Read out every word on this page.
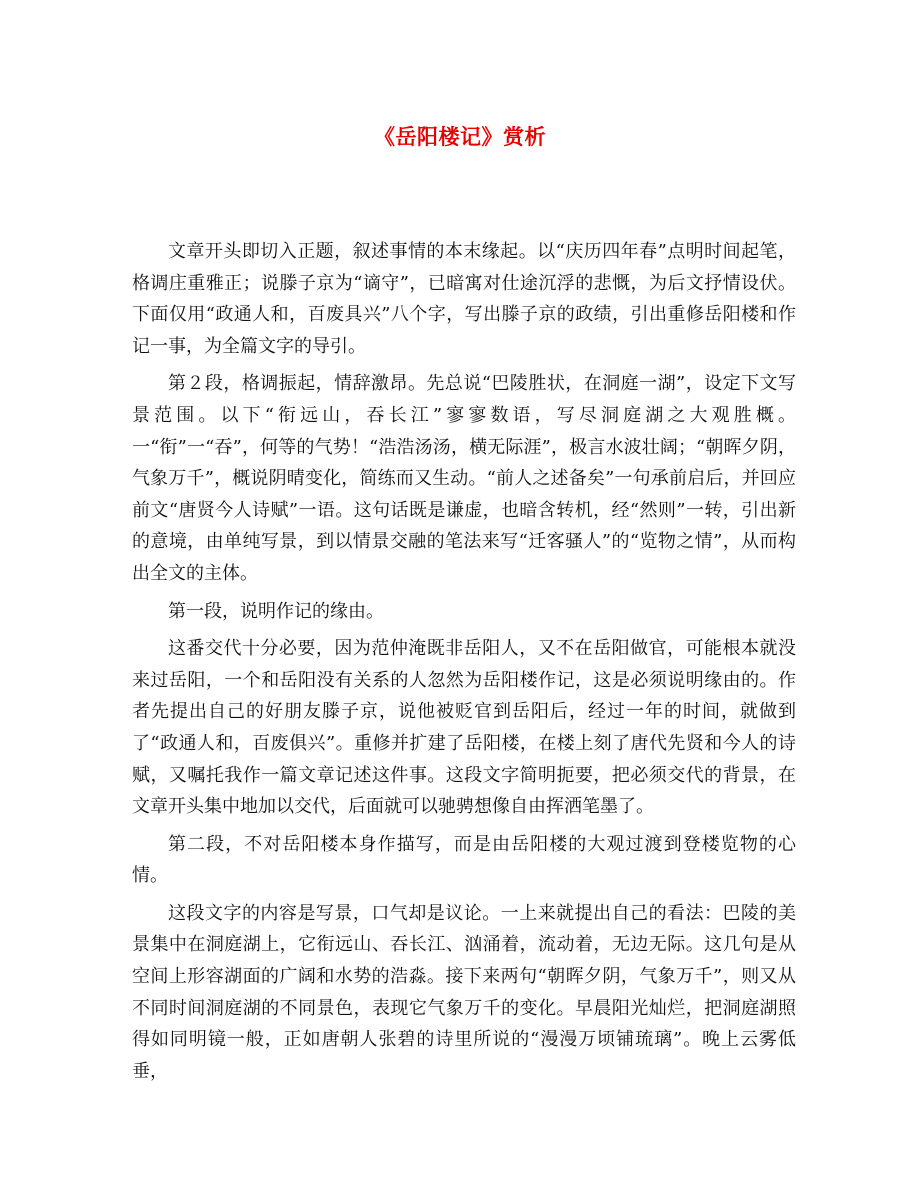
《岳阳楼记》赏析

文章开头即切入正题，叙述事情的本末缘起。以“庆历四年春”点明时间起笔，格调庄重雅正；说滕子京为“谪守”，已暗寓对仕途沉浮的悲慨，为后文抒情设伏。下面仅用“政通人和，百废具兴”八个字，写出滕子京的政绩，引出重修岳阳楼和作记一事，为全篇文字的导引。

第２段，格调振起，情辞激昂。先总说“巴陵胜状，在洞庭一湖”，设定下文写景范围。以下“衔远山，吞长江”寥寥数语，写尽洞庭湖之大观胜概。一“衔”一“吞”，何等的气势！“浩浩汤汤，横无际涯”，极言水波壮阔；“朝晖夕阴，气象万千”，概说阴晴变化，简练而又生动。“前人之述备矣”一句承前启后，并回应前文“唐贤今人诗赋”一语。这句话既是谦虚，也暗含转机，经“然则”一转，引出新的意境，由单纯写景，到以情景交融的笔法来写“迁客骚人”的“览物之情”，从而构出全文的主体。

第一段，说明作记的缘由。

这番交代十分必要，因为范仲淹既非岳阳人，又不在岳阳做官，可能根本就没来过岳阳，一个和岳阳没有关系的人忽然为岳阳楼作记，这是必须说明缘由的。作者先提出自己的好朋友滕子京，说他被贬官到岳阳后，经过一年的时间，就做到了“政通人和，百废俱兴”。重修并扩建了岳阳楼，在楼上刻了唐代先贤和今人的诗赋，又嘱托我作一篇文章记述这件事。这段文字简明扼要，把必须交代的背景，在文章开头集中地加以交代，后面就可以驰骋想像自由挥洒笔墨了。

第二段，不对岳阳楼本身作描写，而是由岳阳楼的大观过渡到登楼览物的心情。

这段文字的内容是写景，口气却是议论。一上来就提出自己的看法：巴陵的美景集中在洞庭湖上，它衔远山、吞长江、汹涌着，流动着，无边无际。这几句是从空间上形容湖面的广阔和水势的浩淼。接下来两句“朝晖夕阴，气象万千”，则又从不同时间洞庭湖的不同景色，表现它气象万千的变化。早晨阳光灿烂，把洞庭湖照得如同明镜一般，正如唐朝人张碧的诗里所说的“漫漫万顷铺琉璃”。晚上云雾低垂，
